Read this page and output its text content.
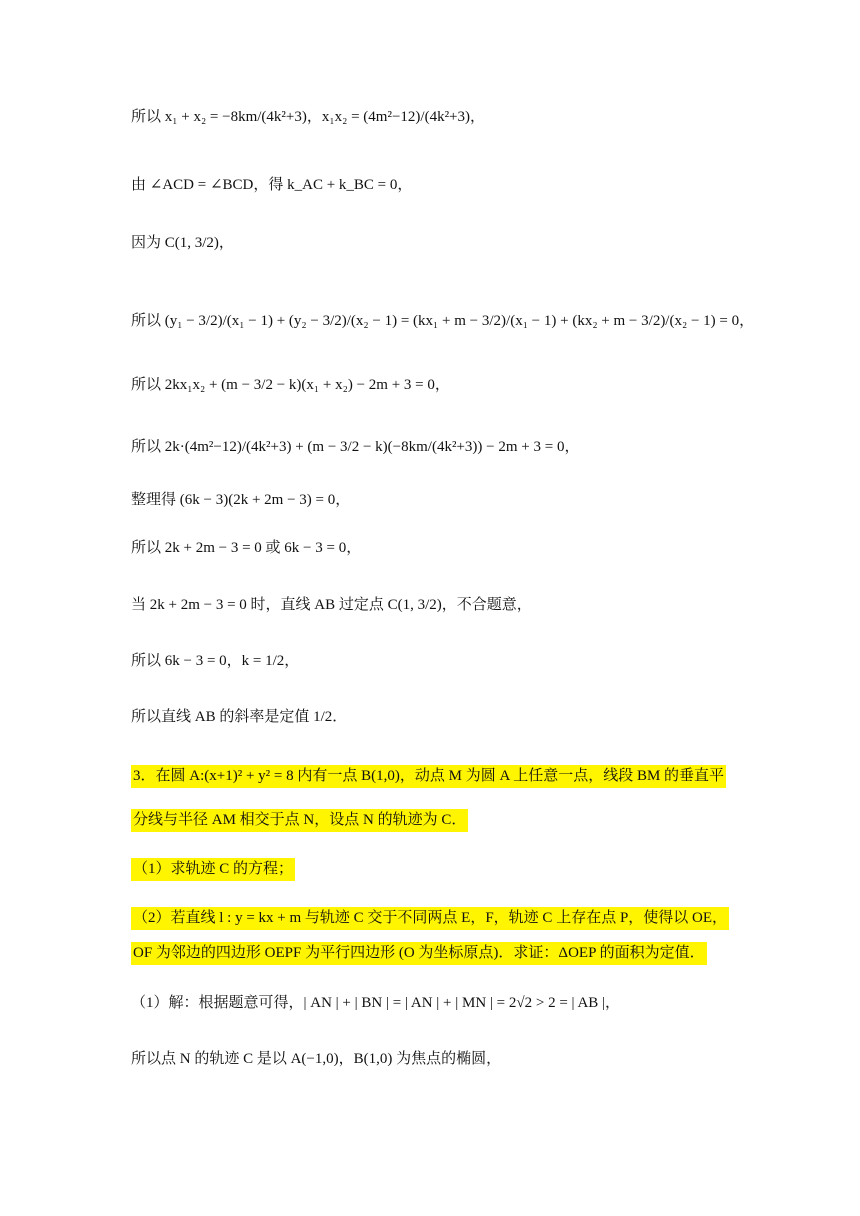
所以 x₁ + x₂ = −8km/(4k²+3)，x₁x₂ = (4m²−12)/(4k²+3)，
由 ∠ACD = ∠BCD，得 k_AC + k_BC = 0，
因为 C(1, 3/2)，
所以 (y₁ − 3/2)/(x₁ − 1) + (y₂ − 3/2)/(x₂ − 1) = (kx₁ + m − 3/2)/(x₁ − 1) + (kx₂ + m − 3/2)/(x₂ − 1) = 0，
所以 2kx₁x₂ + (m − 3/2 − k)(x₁ + x₂) − 2m + 3 = 0，
所以 2k·(4m²−12)/(4k²+3) + (m − 3/2 − k)(−8km/(4k²+3)) − 2m + 3 = 0，
整理得 (6k − 3)(2k + 2m − 3) = 0，
所以 2k + 2m − 3 = 0 或 6k − 3 = 0，
当 2k + 2m − 3 = 0 时，直线 AB 过定点 C(1, 3/2)，不合题意，
所以 6k − 3 = 0，k = 1/2，
所以直线 AB 的斜率是定值 1/2．
3．在圆 A:(x+1)² + y² = 8 内有一点 B(1,0)，动点 M 为圆 A 上任意一点，线段 BM 的垂直平
分线与半径 AM 相交于点 N，设点 N 的轨迹为 C．
（1）求轨迹 C 的方程；
（2）若直线 l : y = kx + m 与轨迹 C 交于不同两点 E，F，轨迹 C 上存在点 P，使得以 OE，
OF 为邻边的四边形 OEPF 为平行四边形 (O 为坐标原点)．求证：ΔOEP 的面积为定值．
（1）解：根据题意可得，| AN | + | BN | = | AN | + | MN | = 2√2 > 2 = | AB |，
所以点 N 的轨迹 C 是以 A(−1,0)，B(1,0) 为焦点的椭圆，
